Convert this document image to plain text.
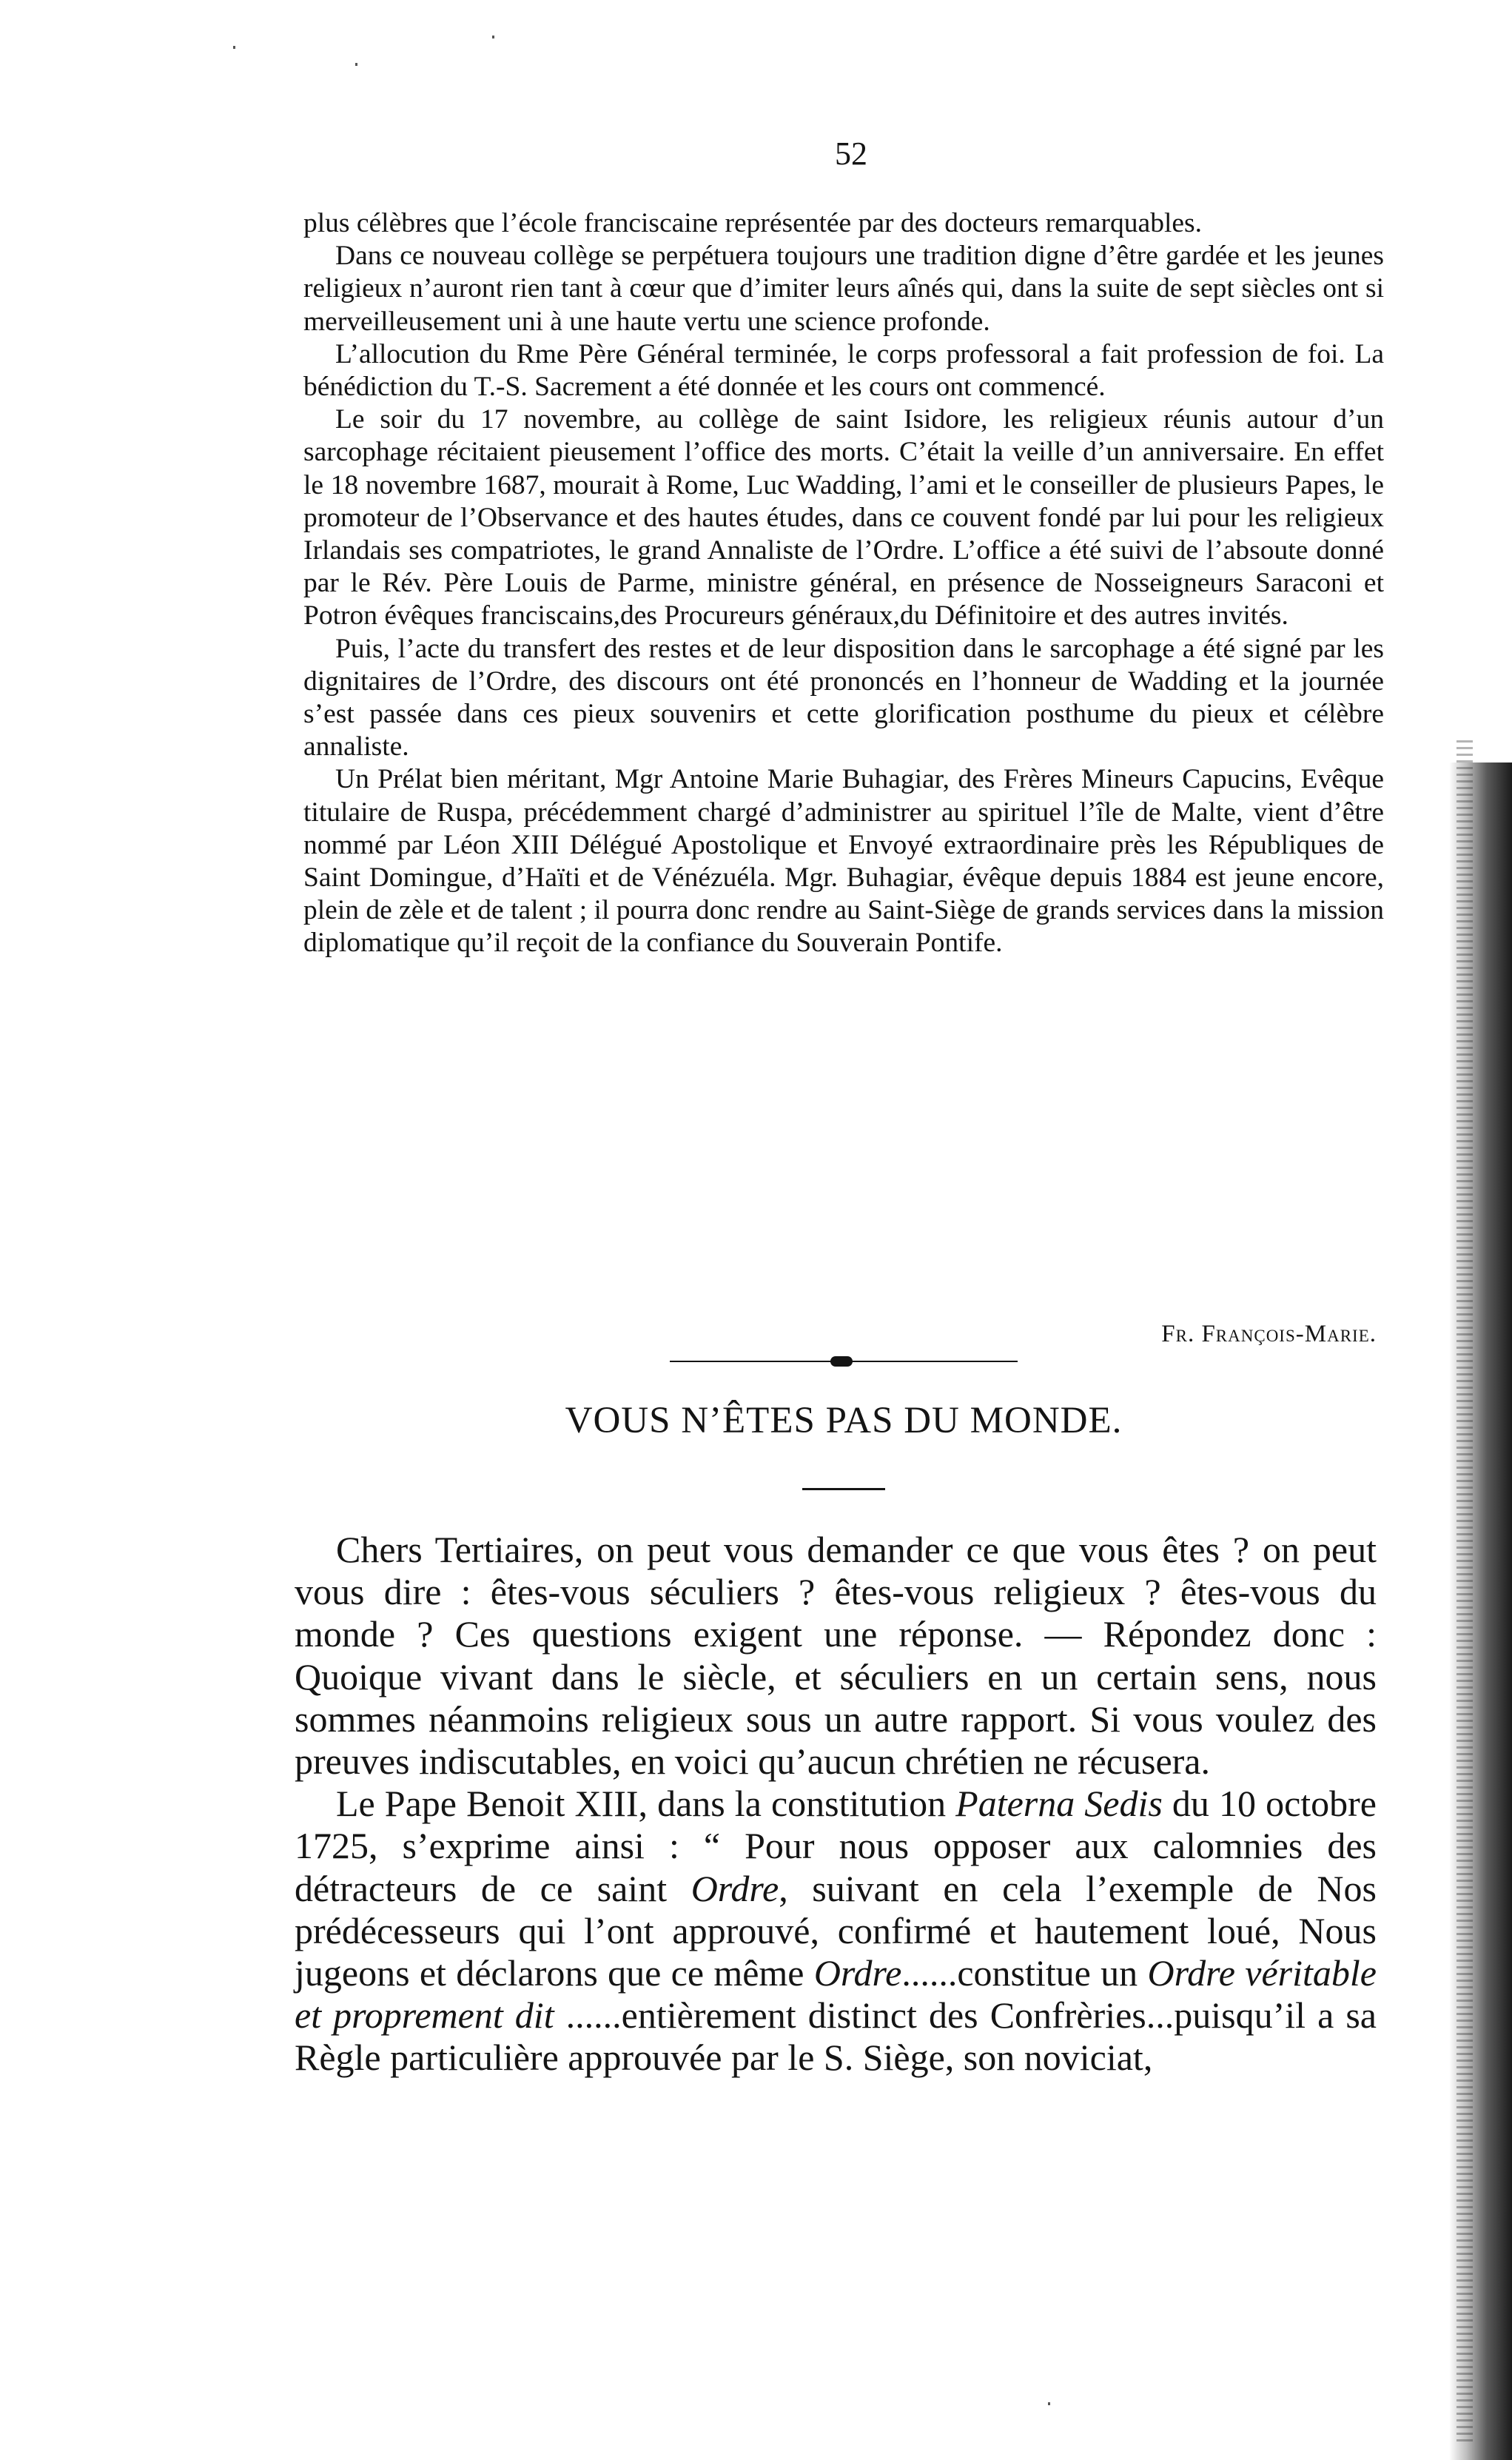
52

plus célèbres que l’école franciscaine représentée par des docteurs remarquables.

Dans ce nouveau collège se perpétuera toujours une tradition digne d’être gardée et les jeunes religieux n’auront rien tant à cœur que d’imiter leurs aînés qui, dans la suite de sept siècles ont si merveilleusement uni à une haute vertu une science profonde.

L’allocution du Rme Père Général terminée, le corps professoral a fait profession de foi. La bénédiction du T.-S. Sacrement a été donnée et les cours ont commencé.

Le soir du 17 novembre, au collège de saint Isidore, les religieux réunis autour d’un sarcophage récitaient pieusement l’office des morts. C’était la veille d’un anniversaire. En effet le 18 novembre 1687, mourait à Rome, Luc Wadding, l’ami et le conseiller de plusieurs Papes, le promoteur de l’Observance et des hautes études, dans ce couvent fondé par lui pour les religieux Irlandais ses compatriotes, le grand Annaliste de l’Ordre. L’office a été suivi de l’absoute donné par le Rév. Père Louis de Parme, ministre général, en présence de Nosseigneurs Saraconi et Potron évêques franciscains,des Procureurs généraux,du Définitoire et des autres invités.

Puis, l’acte du transfert des restes et de leur disposition dans le sarcophage a été signé par les dignitaires de l’Ordre, des discours ont été prononcés en l’honneur de Wadding et la journée s’est passée dans ces pieux souvenirs et cette glorification posthume du pieux et célèbre annaliste.

Un Prélat bien méritant, Mgr Antoine Marie Buhagiar, des Frères Mineurs Capucins, Evêque titulaire de Ruspa, précédemment chargé d’administrer au spirituel l’île de Malte, vient d’être nommé par Léon XIII Délégué Apostolique et Envoyé extraordinaire près les Républiques de Saint Domingue, d’Haïti et de Vénézuéla. Mgr. Buhagiar, évêque depuis 1884 est jeune encore, plein de zèle et de talent ; il pourra donc rendre au Saint-Siège de grands services dans la mission diplomatique qu’il reçoit de la confiance du Souverain Pontife.

Fr. François-Marie.
VOUS N’ÊTES PAS DU MONDE.

Chers Tertiaires, on peut vous demander ce que vous êtes ? on peut vous dire : êtes-vous séculiers ? êtes-vous religieux ? êtes-vous du monde ? Ces questions exigent une réponse. — Répondez donc : Quoique vivant dans le siècle, et séculiers en un certain sens, nous sommes néanmoins religieux sous un autre rapport. Si vous voulez des preuves indiscutables, en voici qu’aucun chrétien ne récusera.

Le Pape Benoit XIII, dans la constitution Paterna Sedis du 10 octobre 1725, s’exprime ainsi : “ Pour nous opposer aux calomnies des détracteurs de ce saint Ordre, suivant en cela l’exemple de Nos prédécesseurs qui l’ont approuvé, confirmé et hautement loué, Nous jugeons et déclarons que ce même Ordre......constitue un Ordre véritable et proprement dit ......entièrement distinct des Confrèries...puisqu’il a sa Règle particulière approuvée par le S. Siège, son noviciat,
